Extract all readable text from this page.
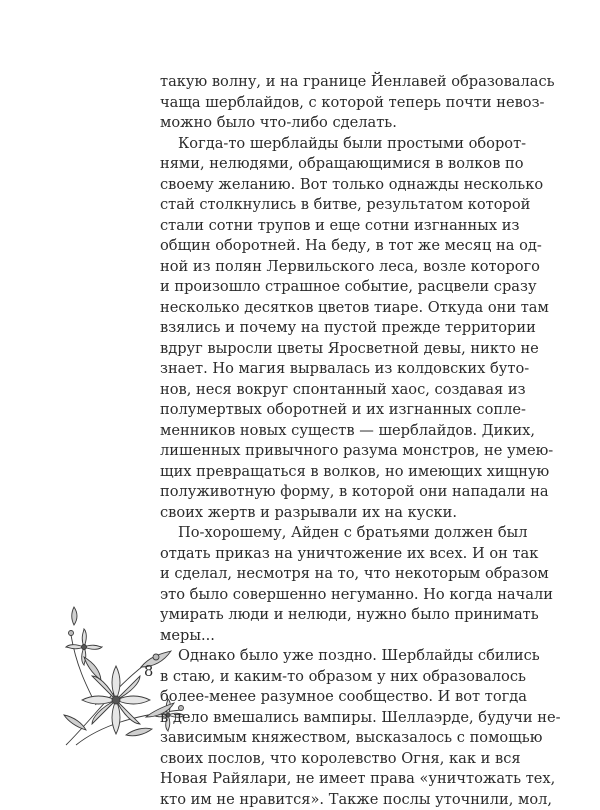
такую волну, и на границе Йенлавей образовалась
чаща шерблайдов, с которой теперь почти невоз-
можно было что-либо сделать.
Когда-то шерблайды были простыми оборот-
нями, нелюдями, обращающимися в волков по
своему желанию. Вот только однажды несколько
стай столкнулись в битве, результатом которой
стали сотни трупов и еще сотни изгнанных из
общин оборотней. На беду, в тот же месяц на од-
ной из полян Лервильского леса, возле которого
и произошло страшное событие, расцвели сразу
несколько десятков цветов тиаре. Откуда они там
взялись и почему на пустой прежде территории
вдруг выросли цветы Яросветной девы, никто не
знает. Но магия вырвалась из колдовских буто-
нов, неся вокруг спонтанный хаос, создавая из
полумертвых оборотней и их изгнанных сопле-
менников новых существ — шерблайдов. Диких,
лишенных привычного разума монстров, не умею-
щих превращаться в волков, но имеющих хищную
полуживотную форму, в которой они нападали на
своих жертв и разрывали их на куски.
По-хорошему, Айден с братьями должен был
отдать приказ на уничтожение их всех. И он так
и сделал, несмотря на то, что некоторым образом
это было совершенно негуманно. Но когда начали
умирать люди и нелюди, нужно было принимать
меры...
Однако было уже поздно. Шерблайды сбились
в стаю, и каким-то образом у них образовалось
более-менее разумное сообщество. И вот тогда
в дело вмешались вампиры. Шеллаэрде, будучи не-
зависимым княжеством, высказалось с помощью
своих послов, что королевство Огня, как и вся
Новая Райялари, не имеет права «уничтожать тех,
кто им не нравится». Также послы уточнили, мол,
8
